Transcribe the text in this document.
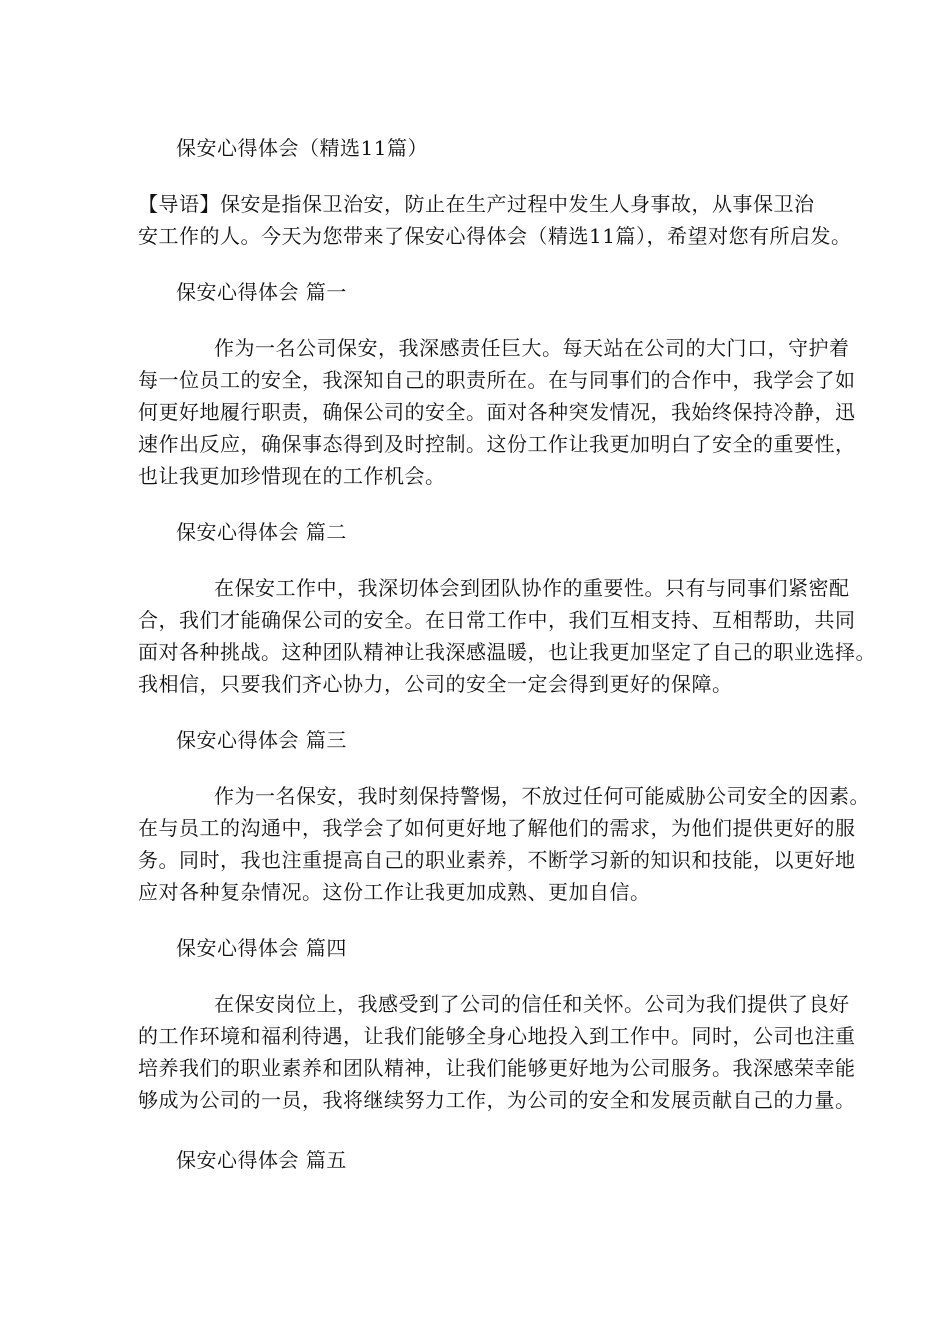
保安心得体会（精选11篇）
【导语】保安是指保卫治安，防止在生产过程中发生人身事故，从事保卫治
安工作的人。今天为您带来了保安心得体会（精选11篇），希望对您有所启发。
保安心得体会 篇一
作为一名公司保安，我深感责任巨大。每天站在公司的大门口，守护着
每一位员工的安全，我深知自己的职责所在。在与同事们的合作中，我学会了如
何更好地履行职责，确保公司的安全。面对各种突发情况，我始终保持冷静，迅
速作出反应，确保事态得到及时控制。这份工作让我更加明白了安全的重要性，
也让我更加珍惜现在的工作机会。
保安心得体会 篇二
在保安工作中，我深切体会到团队协作的重要性。只有与同事们紧密配
合，我们才能确保公司的安全。在日常工作中，我们互相支持、互相帮助，共同
面对各种挑战。这种团队精神让我深感温暖，也让我更加坚定了自己的职业选择。
我相信，只要我们齐心协力，公司的安全一定会得到更好的保障。
保安心得体会 篇三
作为一名保安，我时刻保持警惕，不放过任何可能威胁公司安全的因素。
在与员工的沟通中，我学会了如何更好地了解他们的需求，为他们提供更好的服
务。同时，我也注重提高自己的职业素养，不断学习新的知识和技能，以更好地
应对各种复杂情况。这份工作让我更加成熟、更加自信。
保安心得体会 篇四
在保安岗位上，我感受到了公司的信任和关怀。公司为我们提供了良好
的工作环境和福利待遇，让我们能够全身心地投入到工作中。同时，公司也注重
培养我们的职业素养和团队精神，让我们能够更好地为公司服务。我深感荣幸能
够成为公司的一员，我将继续努力工作，为公司的安全和发展贡献自己的力量。
保安心得体会 篇五
